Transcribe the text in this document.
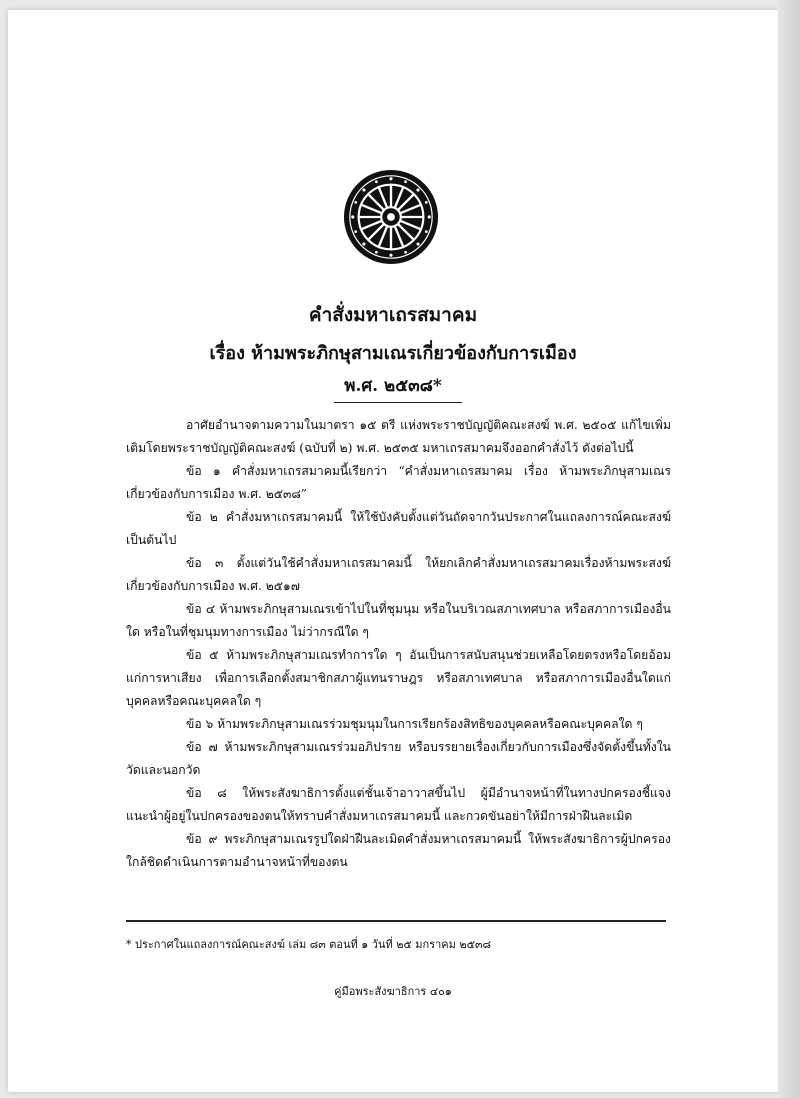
คำสั่งมหาเถรสมาคม
เรื่อง ห้ามพระภิกษุสามเณรเกี่ยวข้องกับการเมือง
พ.ศ. ๒๕๓๘*

อาศัยอำนาจตามความในมาตรา ๑๕ ตรี แห่งพระราชบัญญัติคณะสงฆ์ พ.ศ. ๒๕๐๕ แก้ไขเพิ่มเติมโดยพระราชบัญญัติคณะสงฆ์ (ฉบับที่ ๒) พ.ศ. ๒๕๓๕ มหาเถรสมาคมจึงออกคำสั่งไว้ ดังต่อไปนี้

ข้อ ๑ คำสั่งมหาเถรสมาคมนี้เรียกว่า “คำสั่งมหาเถรสมาคม เรื่อง ห้ามพระภิกษุสามเณรเกี่ยวข้องกับการเมือง พ.ศ. ๒๕๓๘”

ข้อ ๒ คำสั่งมหาเถรสมาคมนี้ ให้ใช้บังคับตั้งแต่วันถัดจากวันประกาศในแถลงการณ์คณะสงฆ์เป็นต้นไป

ข้อ ๓ ตั้งแต่วันใช้คำสั่งมหาเถรสมาคมนี้ ให้ยกเลิกคำสั่งมหาเถรสมาคมเรื่องห้ามพระสงฆ์เกี่ยวข้องกับการเมือง พ.ศ. ๒๕๑๗

ข้อ ๔ ห้ามพระภิกษุสามเณรเข้าไปในที่ชุมนุม หรือในบริเวณสภาเทศบาล หรือสภาการเมืองอื่นใด หรือในที่ชุมนุมทางการเมือง ไม่ว่ากรณีใด ๆ

ข้อ ๕ ห้ามพระภิกษุสามเณรทำการใด ๆ อันเป็นการสนับสนุนช่วยเหลือโดยตรงหรือโดยอ้อมแก่การหาเสียง เพื่อการเลือกตั้งสมาชิกสภาผู้แทนราษฎร หรือสภาเทศบาล หรือสภาการเมืองอื่นใดแก่บุคคลหรือคณะบุคคลใด ๆ

ข้อ ๖ ห้ามพระภิกษุสามเณรร่วมชุมนุมในการเรียกร้องสิทธิของบุคคลหรือคณะบุคคลใด ๆ

ข้อ ๗ ห้ามพระภิกษุสามเณรร่วมอภิปราย หรือบรรยายเรื่องเกี่ยวกับการเมืองซึ่งจัดตั้งขึ้นทั้งในวัดและนอกวัด

ข้อ ๘ ให้พระสังฆาธิการตั้งแต่ชั้นเจ้าอาวาสขึ้นไป ผู้มีอำนาจหน้าที่ในทางปกครองชี้แจงแนะนำผู้อยู่ในปกครองของตนให้ทราบคำสั่งมหาเถรสมาคมนี้ และกวดขันอย่าให้มีการฝ่าฝืนละเมิด

ข้อ ๙ พระภิกษุสามเณรรูปใดฝ่าฝืนละเมิดคำสั่งมหาเถรสมาคมนี้ ให้พระสังฆาธิการผู้ปกครองใกล้ชิดดำเนินการตามอำนาจหน้าที่ของตน

* ประกาศในแถลงการณ์คณะสงฆ์ เล่ม ๘๓ ตอนที่ ๑ วันที่ ๒๕ มกราคม ๒๕๓๘
คู่มือพระสังฆาธิการ ๔๐๑
